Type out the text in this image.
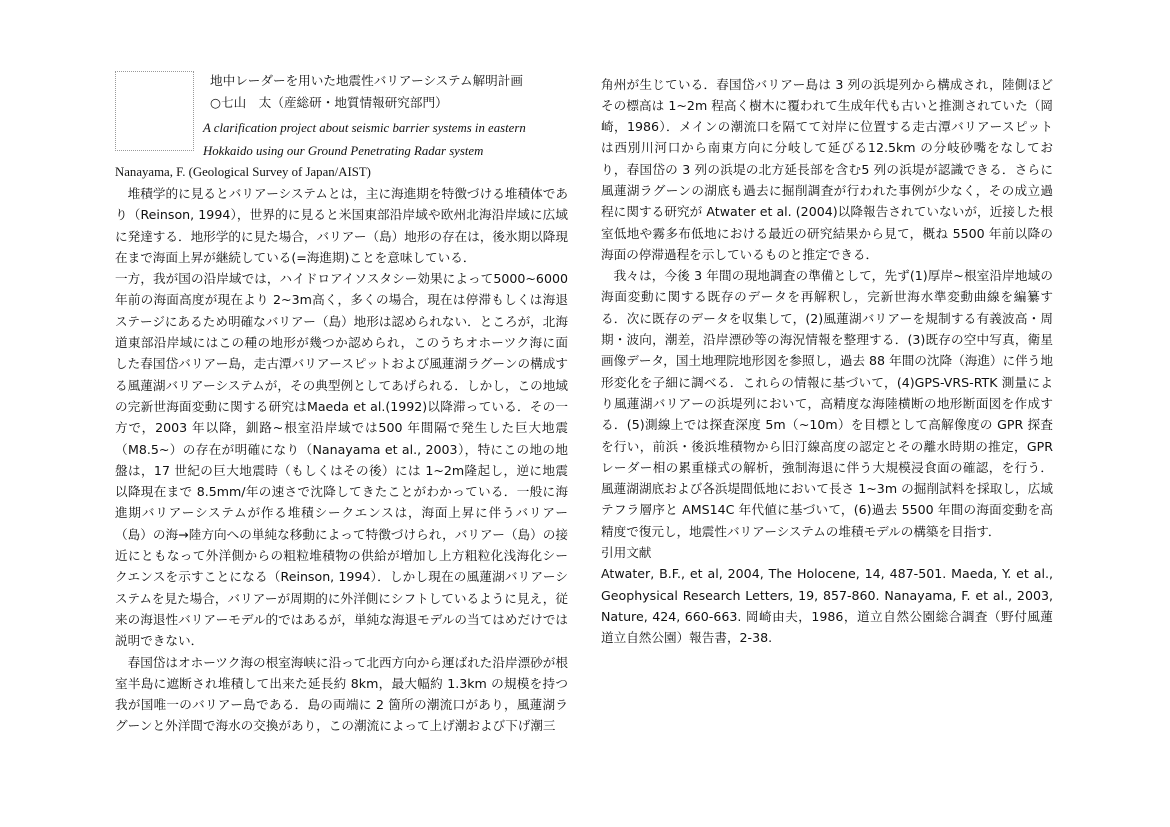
地中レーダーを用いた地震性バリアーシステム解明計画
○七山　太（産総研・地質情報研究部門）
A clarification project about seismic barrier systems in eastern Hokkaido using our Ground Penetrating Radar system
Nanayama, F. (Geological Survey of Japan/AIST)

堆積学的に見るとバリアーシステムとは，主に海進期を特徴づける堆積体であり（Reinson, 1994），世界的に見ると米国東部沿岸域や欧州北海沿岸域に広域に発達する．地形学的に見た場合，バリアー（島）地形の存在は，後氷期以降現在まで海面上昇が継続している(=海進期)ことを意味している．

一方，我が国の沿岸域では，ハイドロアイソスタシー効果によって5000~6000 年前の海面高度が現在より 2~3m高く，多くの場合，現在は停滞もしくは海退ステージにあるため明確なバリアー（島）地形は認められない．ところが，北海道東部沿岸域にはこの種の地形が幾つか認められ，このうちオホーツク海に面した春国岱バリアー島，走古潭バリアースピットおよび風蓮湖ラグーンの構成する風蓮湖バリアーシステムが，その典型例としてあげられる．しかし，この地域の完新世海面変動に関する研究はMaeda et al.(1992)以降滞っている．その一方で，2003 年以降，釧路~根室沿岸域では500 年間隔で発生した巨大地震（M8.5~）の存在が明確になり（Nanayama et al., 2003），特にこの地の地盤は，17 世紀の巨大地震時（もしくはその後）には 1~2m隆起し，逆に地震以降現在まで 8.5mm/年の速さで沈降してきたことがわかっている．一般に海進期バリアーシステムが作る堆積シークエンスは，海面上昇に伴うバリアー（島）の海→陸方向への単純な移動によって特徴づけられ，バリアー（島）の接近にともなって外洋側からの粗粒堆積物の供給が増加し上方粗粒化浅海化シークエンスを示すことになる（Reinson, 1994）．しかし現在の風蓮湖バリアーシステムを見た場合，バリアーが周期的に外洋側にシフトしているように見え，従来の海退性バリアーモデル的ではあるが，単純な海退モデルの当てはめだけでは説明できない．

春国岱はオホーツク海の根室海峡に沿って北西方向から運ばれた沿岸漂砂が根室半島に遮断され堆積して出来た延長約 8km，最大幅約 1.3km の規模を持つ我が国唯一のバリアー島である．島の両端に 2 箇所の潮流口があり，風蓮湖ラグーンと外洋間で海水の交換があり，この潮流によって上げ潮および下げ潮三

角州が生じている．春国岱バリアー島は 3 列の浜堤列から構成され，陸側ほどその標高は 1~2m 程高く樹木に覆われて生成年代も古いと推測されていた（岡崎，1986）．メインの潮流口を隔てて対岸に位置する走古潭バリアースピットは西別川河口から南東方向に分岐して延びる12.5km の分岐砂嘴をなしており，春国岱の 3 列の浜堤の北方延長部を含む5 列の浜堤が認識できる．さらに風蓮湖ラグーンの湖底も過去に掘削調査が行われた事例が少なく，その成立過程に関する研究が Atwater et al. (2004)以降報告されていないが，近接した根室低地や霧多布低地における最近の研究結果から見て，概ね 5500 年前以降の海面の停滞過程を示しているものと推定できる．

我々は，今後 3 年間の現地調査の準備として，先ず(1)厚岸~根室沿岸地域の海面変動に関する既存のデータを再解釈し，完新世海水準変動曲線を編纂する．次に既存のデータを収集して，(2)風蓮湖バリアーを規制する有義波高・周期・波向，潮差，沿岸漂砂等の海況情報を整理する．(3)既存の空中写真，衛星画像データ，国土地理院地形図を参照し，過去 88 年間の沈降（海進）に伴う地形変化を子細に調べる．これらの情報に基づいて，(4)GPS-VRS-RTK 測量により風蓮湖バリアーの浜堤列において，高精度な海陸横断の地形断面図を作成する．(5)測線上では探査深度 5m（~10m）を目標として高解像度の GPR 探査を行い，前浜・後浜堆積物から旧汀線高度の認定とその離水時期の推定，GPR レーダー相の累重様式の解析，強制海退に伴う大規模浸食面の確認，を行う．風蓮湖湖底および各浜堤間低地において長さ 1~3m の掘削試料を採取し，広域テフラ層序と AMS14C 年代値に基づいて，(6)過去 5500 年間の海面変動を高精度で復元し，地震性バリアーシステムの堆積モデルの構築を目指す．

引用文献

Atwater, B.F., et al, 2004, The Holocene, 14, 487-501. Maeda, Y. et al., Geophysical Research Letters, 19, 857-860. Nanayama, F. et al., 2003, Nature, 424, 660-663. 岡崎由夫，1986，道立自然公園総合調査（野付風蓮道立自然公園）報告書，2-38.
